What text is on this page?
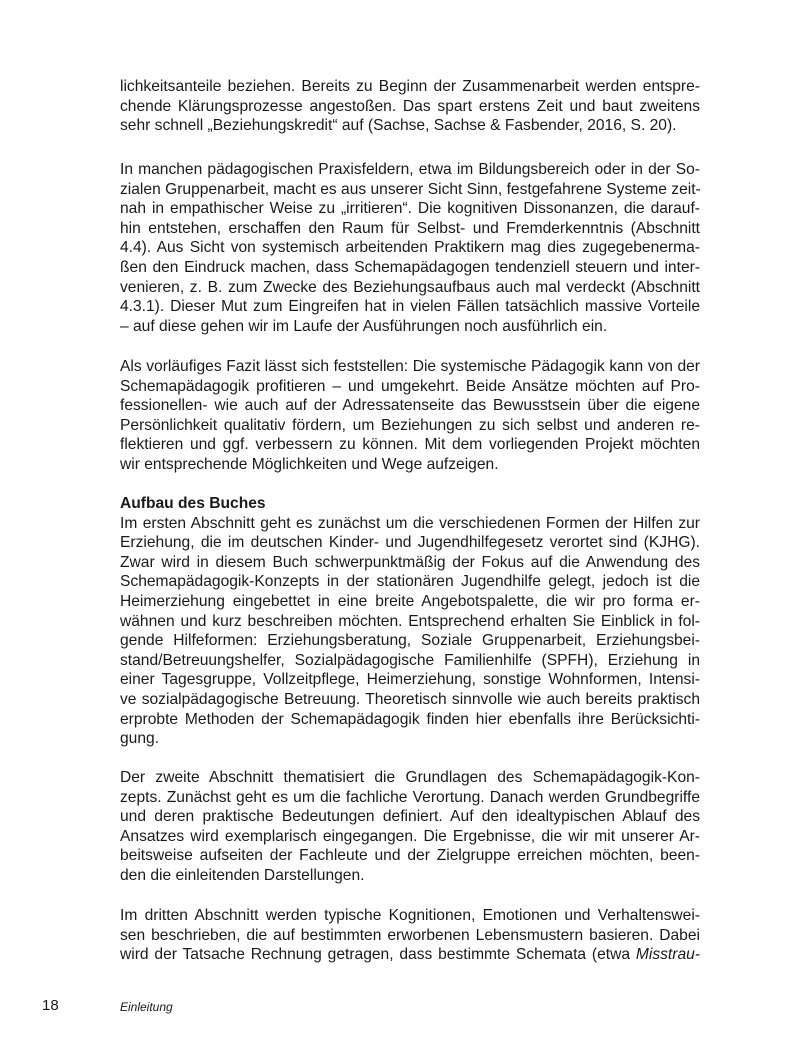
lichkeitsanteile beziehen. Bereits zu Beginn der Zusammenarbeit werden entspre-
chende Klärungsprozesse angestoßen. Das spart erstens Zeit und baut zweitens
sehr schnell „Beziehungskredit“ auf (Sachse, Sachse & Fasbender, 2016, S. 20).

In manchen pädagogischen Praxisfeldern, etwa im Bildungsbereich oder in der So-
zialen Gruppenarbeit, macht es aus unserer Sicht Sinn, festgefahrene Systeme zeit-
nah in empathischer Weise zu „irritieren“. Die kognitiven Dissonanzen, die darauf-
hin entstehen, erschaffen den Raum für Selbst- und Fremderkenntnis (Abschnitt
4.4). Aus Sicht von systemisch arbeitenden Praktikern mag dies zugegebenerma-
ßen den Eindruck machen, dass Schemapädagogen tendenziell steuern und inter-
venieren, z. B. zum Zwecke des Beziehungsaufbaus auch mal verdeckt (Abschnitt
4.3.1). Dieser Mut zum Eingreifen hat in vielen Fällen tatsächlich massive Vorteile
– auf diese gehen wir im Laufe der Ausführungen noch ausführlich ein.

Als vorläufiges Fazit lässt sich feststellen: Die systemische Pädagogik kann von der
Schemapädagogik profitieren – und umgekehrt. Beide Ansätze möchten auf Pro-
fessionellen- wie auch auf der Adressatenseite das Bewusstsein über die eigene
Persönlichkeit qualitativ fördern, um Beziehungen zu sich selbst und anderen re-
flektieren und ggf. verbessern zu können. Mit dem vorliegenden Projekt möchten
wir entsprechende Möglichkeiten und Wege aufzeigen.

Aufbau des Buches
Im ersten Abschnitt geht es zunächst um die verschiedenen Formen der Hilfen zur
Erziehung, die im deutschen Kinder- und Jugendhilfegesetz verortet sind (KJHG).
Zwar wird in diesem Buch schwerpunktmäßig der Fokus auf die Anwendung des
Schemapädagogik-Konzepts in der stationären Jugendhilfe gelegt, jedoch ist die
Heimerziehung eingebettet in eine breite Angebotspalette, die wir pro forma er-
wähnen und kurz beschreiben möchten. Entsprechend erhalten Sie Einblick in fol-
gende Hilfeformen: Erziehungsberatung, Soziale Gruppenarbeit, Erziehungsbei-
stand/Betreuungshelfer, Sozialpädagogische Familienhilfe (SPFH), Erziehung in
einer Tagesgruppe, Vollzeitpflege, Heimerziehung, sonstige Wohnformen, Intensi-
ve sozialpädagogische Betreuung. Theoretisch sinnvolle wie auch bereits praktisch
erprobte Methoden der Schemapädagogik finden hier ebenfalls ihre Berücksichti-
gung.

Der zweite Abschnitt thematisiert die Grundlagen des Schemapädagogik-Kon-
zepts. Zunächst geht es um die fachliche Verortung. Danach werden Grundbegriffe
und deren praktische Bedeutungen definiert. Auf den idealtypischen Ablauf des
Ansatzes wird exemplarisch eingegangen. Die Ergebnisse, die wir mit unserer Ar-
beitsweise aufseiten der Fachleute und der Zielgruppe erreichen möchten, been-
den die einleitenden Darstellungen.

Im dritten Abschnitt werden typische Kognitionen, Emotionen und Verhaltenswei-
sen beschrieben, die auf bestimmten erworbenen Lebensmustern basieren. Dabei
wird der Tatsache Rechnung getragen, dass bestimmte Schemata (etwa Misstrau-

18	Einleitung
